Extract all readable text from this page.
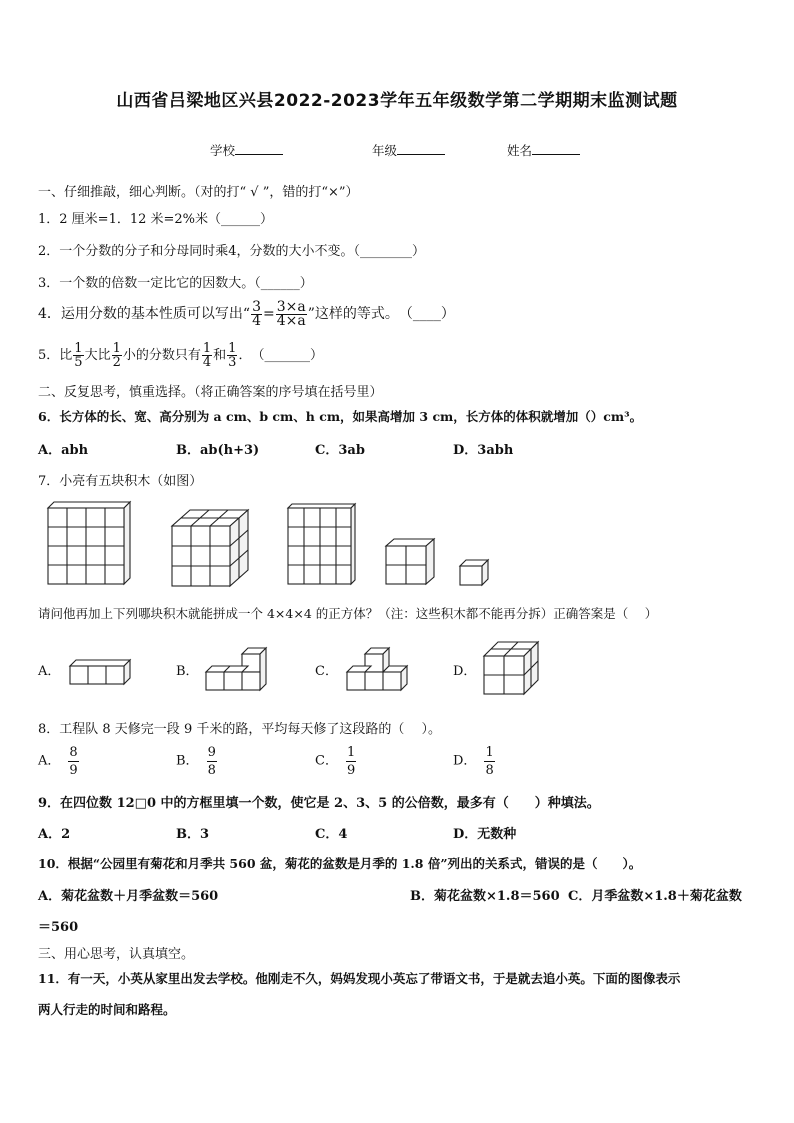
山西省吕梁地区兴县2022-2023学年五年级数学第二学期期末监测试题
学校	年级	姓名
一、仔细推敲，细心判断。（对的打“ √ ”，错的打“×”）
1．2 厘米=1．12 米=2%米（______）
2．一个分数的分子和分母同时乘4，分数的大小不变。（________）
3．一个数的倍数一定比它的因数大。（______）
4．运用分数的基本性质可以写出“ $\frac{3}{4} = \frac{3\times a}{4\times a}$ ”这样的等式。　（____）
5．比 $\frac{1}{5}$ 大比 $\frac{1}{2}$ 小的分数只有 $\frac{1}{4}$ 和 $\frac{1}{3}$ ．　（_______）
二、反复思考，慎重选择。（将正确答案的序号填在括号里）
6．长方体的长、宽、高分别为 a cm、b cm、h cm，如果高增加 3 cm，长方体的体积就增加（）cm³。
A．abh	B．ab(h+3)	C．3ab	D．3abh
7．小亮有五块积木（如图）
请问他再加上下列哪块积木就能拼成一个 4×4×4 的正方体？（注：这些积木都不能再分拆）正确答案是（　 ）
A．	B．	C．	D．
8．工程队 8 天修完一段 9 千米的路，平均每天修了这段路的（　 ）。
A． $\frac{8}{9}$	B． $\frac{9}{8}$	C． $\frac{1}{9}$	D． $\frac{1}{8}$
9．在四位数 12□0 中的方框里填一个数，使它是 2、3、5 的公倍数，最多有（　　）种填法。
A．2	B．3	C．4	D．无数种
10．根据“公园里有菊花和月季共 560 盆，菊花的盆数是月季的 1.8 倍”列出的关系式，错误的是（　　）。
A．菊花盆数＋月季盆数＝560	B．菊花盆数×1.8＝560 C．月季盆数×1.8＋菊花盆数
＝560
三、用心思考，认真填空。
11．有一天，小英从家里出发去学校。他刚走不久，妈妈发现小英忘了带语文书，于是就去追小英。下面的图像表示
两人行走的时间和路程。
